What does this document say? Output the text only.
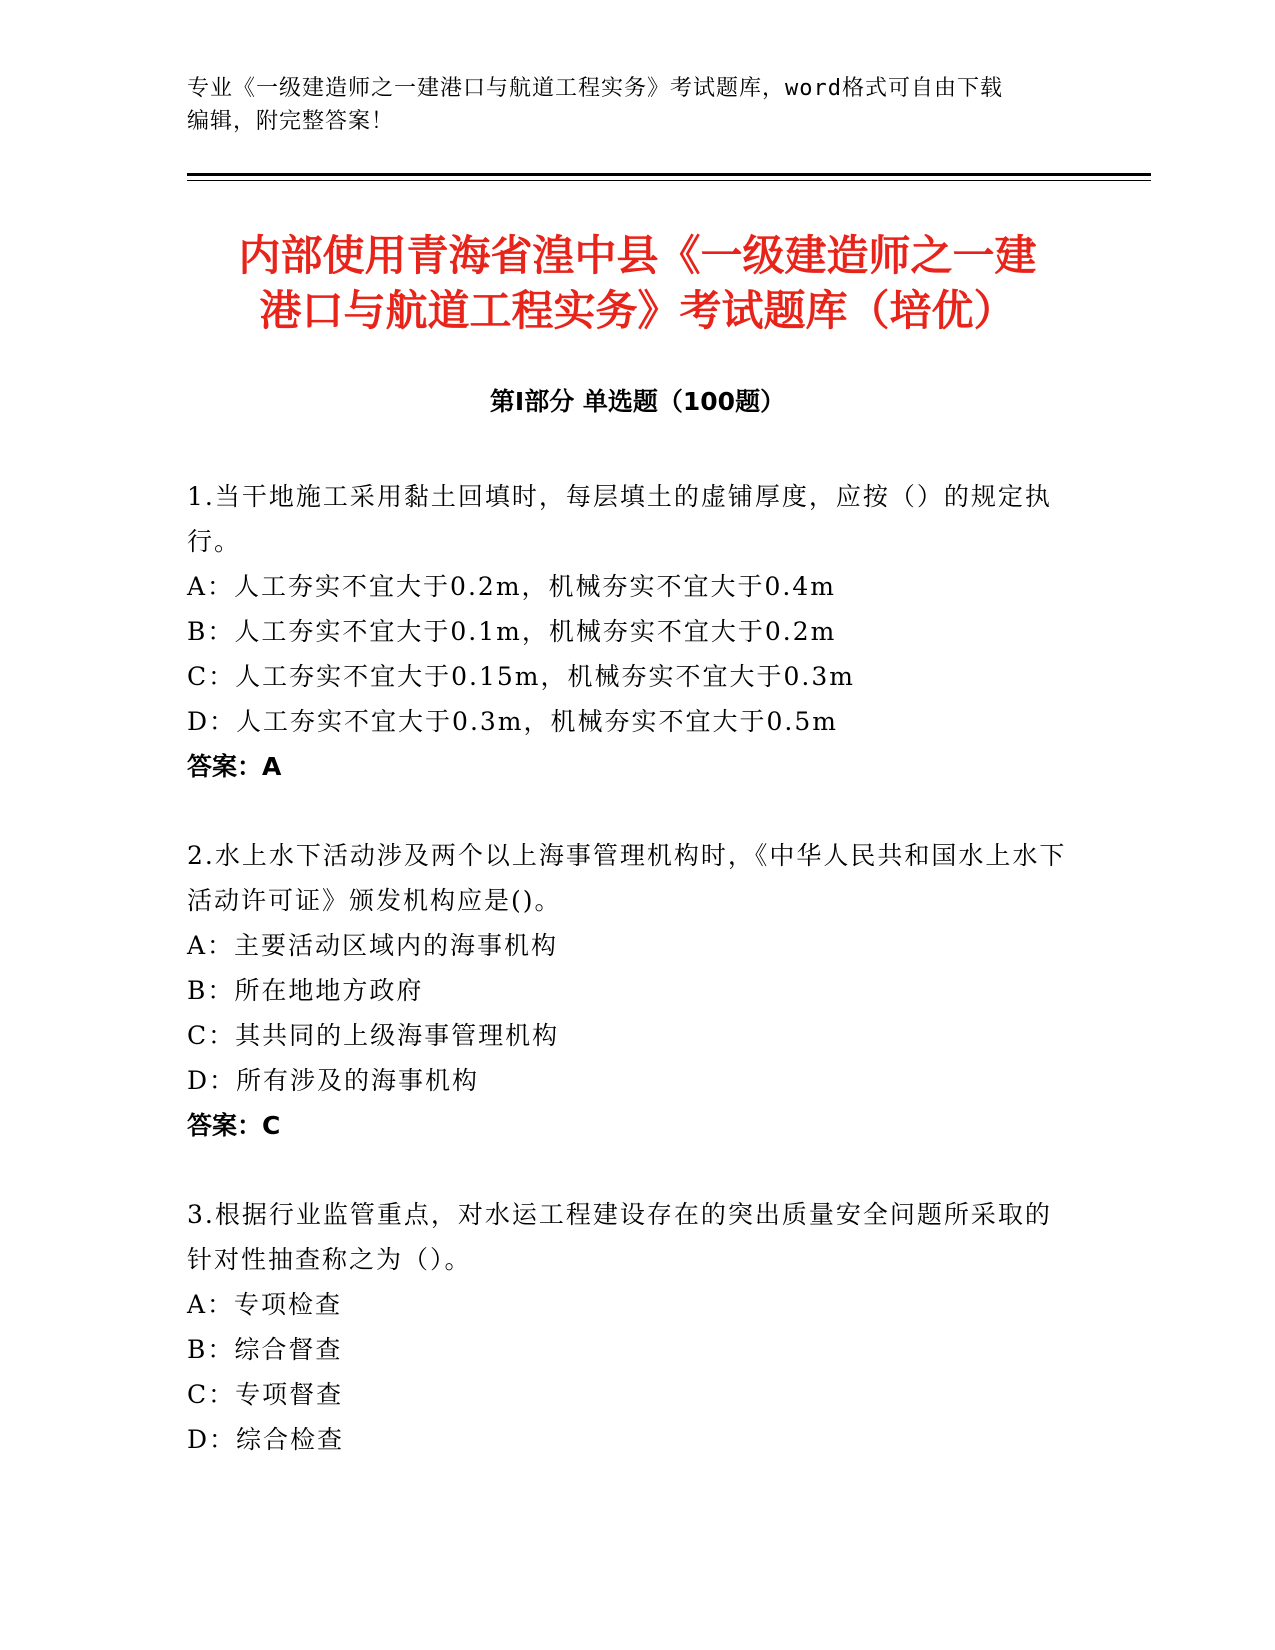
专业《一级建造师之一建港口与航道工程实务》考试题库，word格式可自由下载
编辑，附完整答案！
内部使用青海省湟中县《一级建造师之一建
港口与航道工程实务》考试题库（培优）
第Ⅰ部分 单选题（100题）

1.当干地施工采用黏土回填时，每层填土的虚铺厚度，应按（）的规定执行。

A：人工夯实不宜大于0.2m，机械夯实不宜大于0.4m

B：人工夯实不宜大于0.1m，机械夯实不宜大于0.2m

C：人工夯实不宜大于0.15m，机械夯实不宜大于0.3m

D：人工夯实不宜大于0.3m，机械夯实不宜大于0.5m

答案：A

2.水上水下活动涉及两个以上海事管理机构时，《中华人民共和国水上水下活动许可证》颁发机构应是()。

A：主要活动区域内的海事机构

B：所在地地方政府

C：其共同的上级海事管理机构

D：所有涉及的海事机构

答案：C

3.根据行业监管重点，对水运工程建设存在的突出质量安全问题所采取的针对性抽查称之为（）。

A：专项检查

B：综合督查

C：专项督查

D：综合检查
